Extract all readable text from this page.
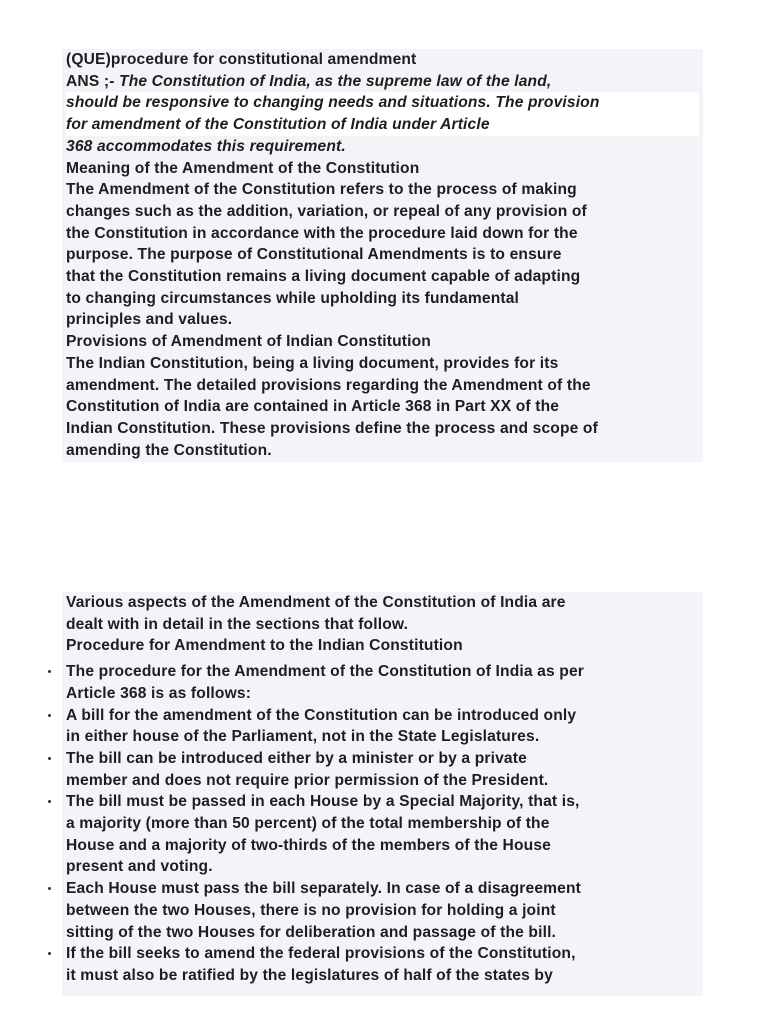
(QUE)procedure for constitutional amendment

ANS ;- The Constitution of India, as the supreme law of the land,

should be responsive to changing needs and situations. The provision

for amendment of the Constitution of India under Article

368 accommodates this requirement.

Meaning of the Amendment of the Constitution

The Amendment of the Constitution refers to the process of making

changes such as the addition, variation, or repeal of any provision of

the Constitution in accordance with the procedure laid down for the

purpose. The purpose of Constitutional Amendments is to ensure

that the Constitution remains a living document capable of adapting

to changing circumstances while upholding its fundamental

principles and values.

Provisions of Amendment of Indian Constitution

The Indian Constitution, being a living document, provides for its

amendment. The detailed provisions regarding the Amendment of the

Constitution of India are contained in Article 368 in Part XX of the

Indian Constitution. These provisions define the process and scope of

amending the Constitution.

Various aspects of the Amendment of the Constitution of India are

dealt with in detail in the sections that follow.

Procedure for Amendment to the Indian Constitution

The procedure for the Amendment of the Constitution of India as per

Article 368 is as follows:

A bill for the amendment of the Constitution can be introduced only

in either house of the Parliament, not in the State Legislatures.

The bill can be introduced either by a minister or by a private

member and does not require prior permission of the President.

The bill must be passed in each House by a Special Majority, that is,

a majority (more than 50 percent) of the total membership of the

House and a majority of two-thirds of the members of the House

present and voting.

Each House must pass the bill separately. In case of a disagreement

between the two Houses, there is no provision for holding a joint

sitting of the two Houses for deliberation and passage of the bill.

If the bill seeks to amend the federal provisions of the Constitution,

it must also be ratified by the legislatures of half of the states by
